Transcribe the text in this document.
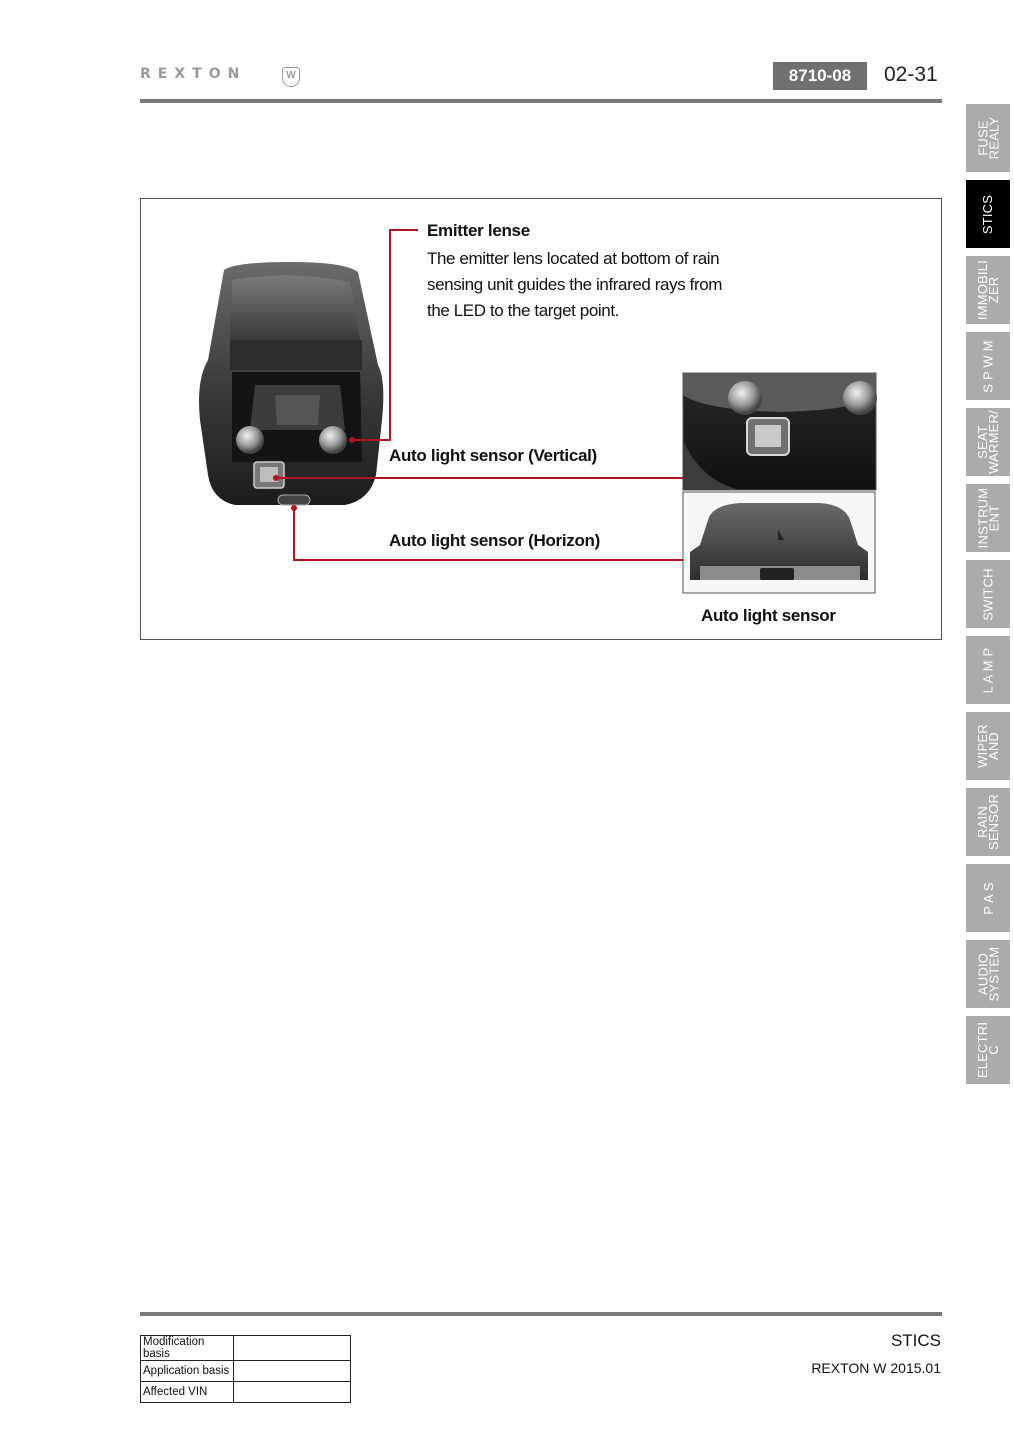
REXTON	W	8710-08	02-31
FUSE
REALY
STICS
IMMOBILI
ZER
S P W M
SEAT
WARMER/
INSTRUM
ENT
SWITCH
L A M P
WIPER
AND
RAIN
SENSOR
P A S
AUDIO
SYSTEM
ELECTRI
C
Emitter lense
The emitter lens located at bottom of rain sensing unit guides the infrared rays from the LED to the target point.
Auto light sensor (Vertical)
Auto light sensor (Horizon)
Auto light sensor
Modification basis	
Application basis	
Affected VIN	
STICS
REXTON W 2015.01
